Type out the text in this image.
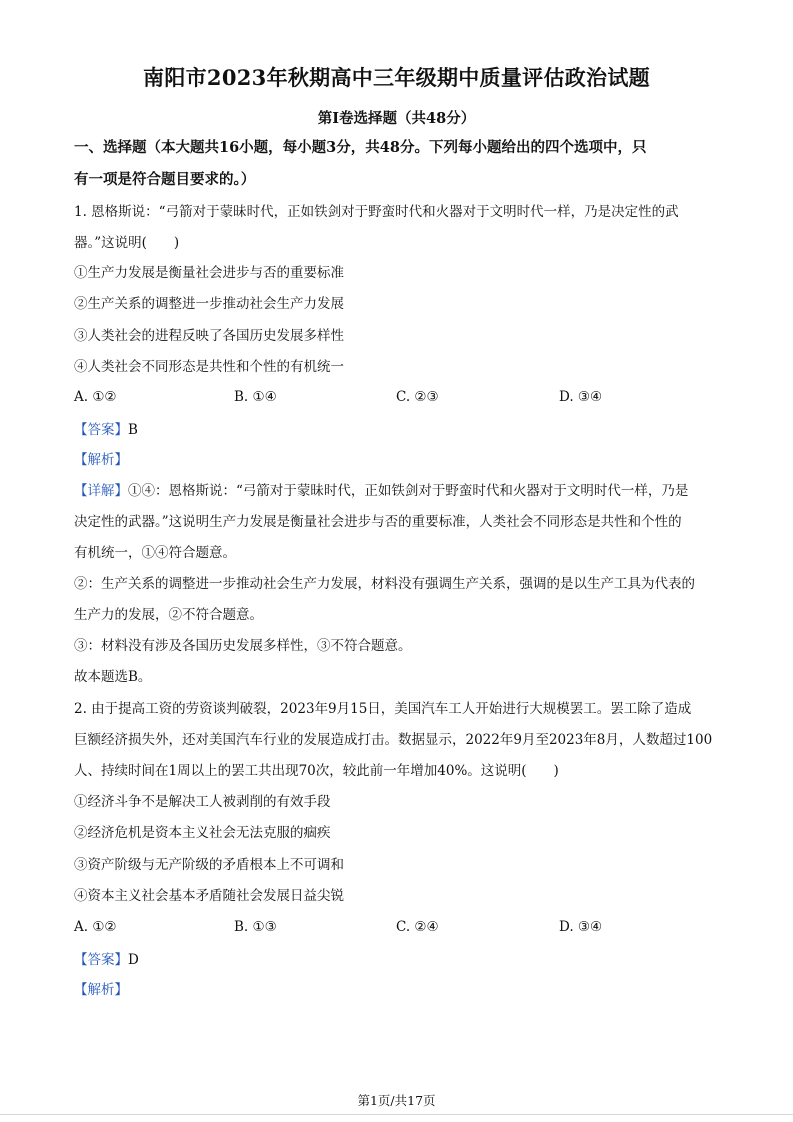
南阳市2023年秋期高中三年级期中质量评估政治试题
第Ⅰ卷选择题（共48分）
一、选择题（本大题共16小题，每小题3分，共48分。下列每小题给出的四个选项中，只
有一项是符合题目要求的。）
1. 恩格斯说：“弓箭对于蒙昧时代，正如铁剑对于野蛮时代和火器对于文明时代一样，乃是决定性的武
器。”这说明(　　)
①生产力发展是衡量社会进步与否的重要标准
②生产关系的调整进一步推动社会生产力发展
③人类社会的进程反映了各国历史发展多样性
④人类社会不同形态是共性和个性的有机统一
A. ①②	B. ①④	C. ②③	D. ③④
【答案】B
【解析】
【详解】①④：恩格斯说：“弓箭对于蒙昧时代，正如铁剑对于野蛮时代和火器对于文明时代一样，乃是
决定性的武器。”这说明生产力发展是衡量社会进步与否的重要标准，人类社会不同形态是共性和个性的
有机统一，①④符合题意。
②：生产关系的调整进一步推动社会生产力发展，材料没有强调生产关系，强调的是以生产工具为代表的
生产力的发展，②不符合题意。
③：材料没有涉及各国历史发展多样性，③不符合题意。
故本题选B。
2. 由于提高工资的劳资谈判破裂，2023年9月15日，美国汽车工人开始进行大规模罢工。罢工除了造成
巨额经济损失外，还对美国汽车行业的发展造成打击。数据显示，2022年9月至2023年8月，人数超过100
人、持续时间在1周以上的罢工共出现70次，较此前一年增加40%。这说明(　　)
①经济斗争不是解决工人被剥削的有效手段
②经济危机是资本主义社会无法克服的痼疾
③资产阶级与无产阶级的矛盾根本上不可调和
④资本主义社会基本矛盾随社会发展日益尖锐
A. ①②	B. ①③	C. ②④	D. ③④
【答案】D
【解析】
第1页/共17页
